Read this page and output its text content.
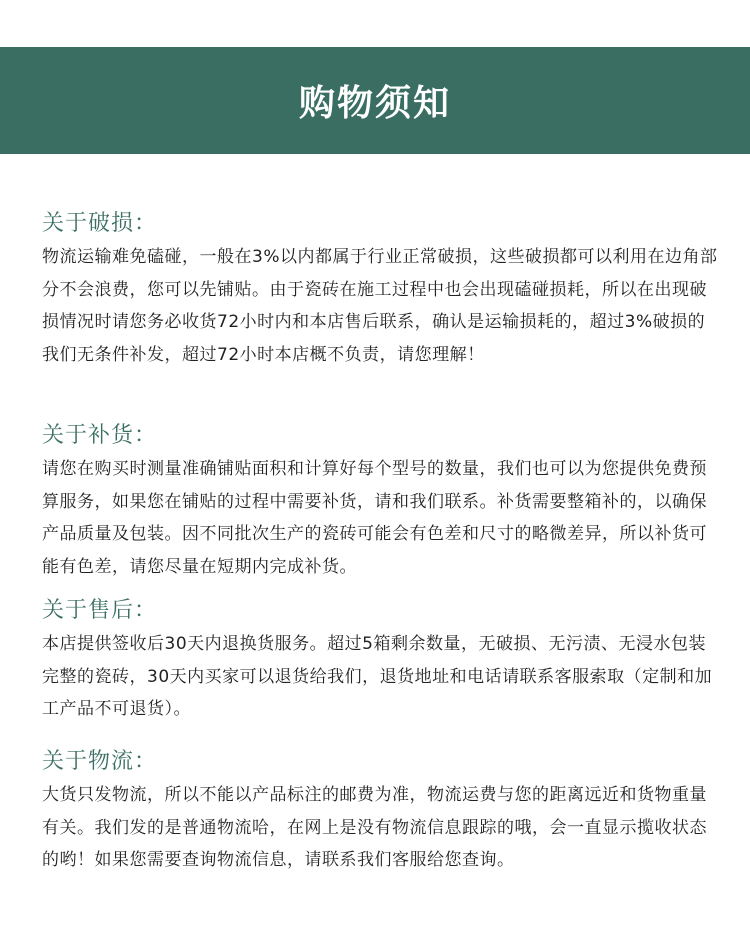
购物须知
关于破损：
物流运输难免磕碰，一般在3%以内都属于行业正常破损，这些破损都可以利用在边角部分不会浪费，您可以先铺贴。由于瓷砖在施工过程中也会出现磕碰损耗，所以在出现破损情况时请您务必收货72小时内和本店售后联系，确认是运输损耗的，超过3%破损的我们无条件补发，超过72小时本店概不负责，请您理解！
关于补货：
请您在购买时测量准确铺贴面积和计算好每个型号的数量，我们也可以为您提供免费预算服务，如果您在铺贴的过程中需要补货，请和我们联系。补货需要整箱补的，以确保产品质量及包装。因不同批次生产的瓷砖可能会有色差和尺寸的略微差异，所以补货可能有色差，请您尽量在短期内完成补货。
关于售后：
本店提供签收后30天内退换货服务。超过5箱剩余数量，无破损、无污渍、无浸水包装完整的瓷砖，30天内买家可以退货给我们，退货地址和电话请联系客服索取（定制和加工产品不可退货）。
关于物流：
大货只发物流，所以不能以产品标注的邮费为准，物流运费与您的距离远近和货物重量有关。我们发的是普通物流哈，在网上是没有物流信息跟踪的哦，会一直显示揽收状态的哟！如果您需要查询物流信息，请联系我们客服给您查询。
